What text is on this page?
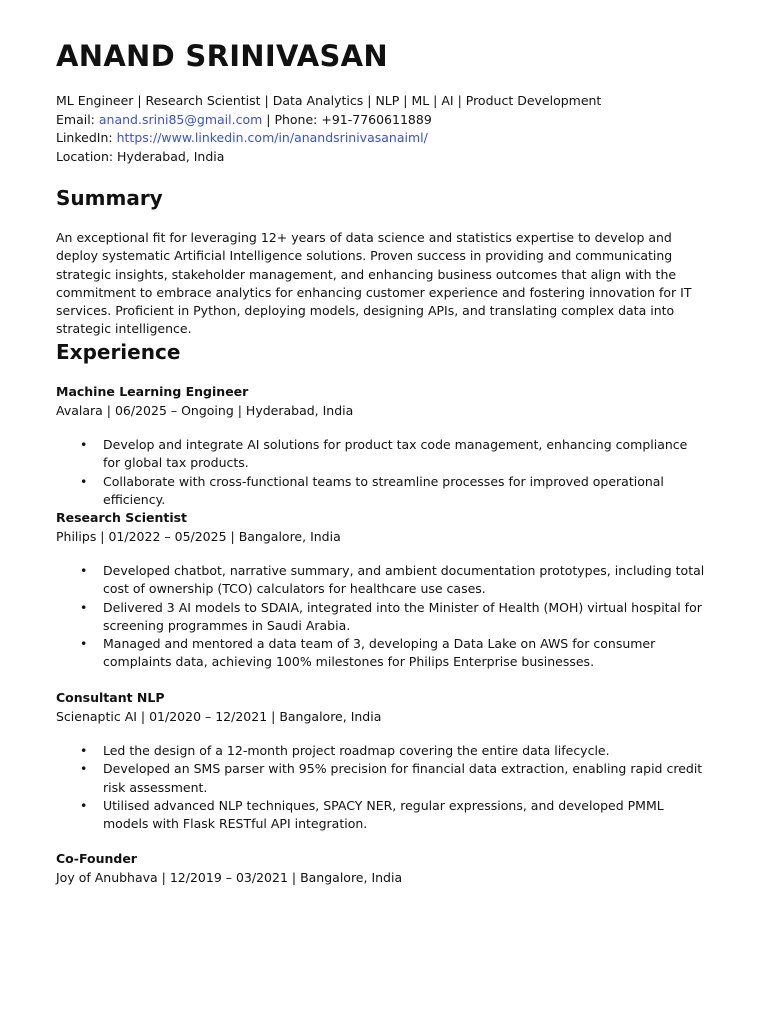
ANAND SRINIVASAN
ML Engineer | Research Scientist | Data Analytics | NLP | ML | AI | Product Development
Email: anand.srini85@gmail.com | Phone: +91-7760611889
LinkedIn: https://www.linkedin.com/in/anandsrinivasanaiml/
Location: Hyderabad, India
Summary

An exceptional fit for leveraging 12+ years of data science and statistics expertise to develop and deploy systematic Artificial Intelligence solutions. Proven success in providing and communicating strategic insights, stakeholder management, and enhancing business outcomes that align with the commitment to embrace analytics for enhancing customer experience and fostering innovation for IT services. Proficient in Python, deploying models, designing APIs, and translating complex data into strategic intelligence.

Experience
Machine Learning Engineer
Avalara | 06/2025 – Ongoing | Hyderabad, India
• Develop and integrate AI solutions for product tax code management, enhancing compliance for global tax products.
• Collaborate with cross-functional teams to streamline processes for improved operational efficiency.
Research Scientist
Philips | 01/2022 – 05/2025 | Bangalore, India
• Developed chatbot, narrative summary, and ambient documentation prototypes, including total cost of ownership (TCO) calculators for healthcare use cases.
• Delivered 3 AI models to SDAIA, integrated into the Minister of Health (MOH) virtual hospital for screening programmes in Saudi Arabia.
• Managed and mentored a data team of 3, developing a Data Lake on AWS for consumer complaints data, achieving 100% milestones for Philips Enterprise businesses.
Consultant NLP
Scienaptic AI | 01/2020 – 12/2021 | Bangalore, India
• Led the design of a 12-month project roadmap covering the entire data lifecycle.
• Developed an SMS parser with 95% precision for financial data extraction, enabling rapid credit risk assessment.
• Utilised advanced NLP techniques, SPACY NER, regular expressions, and developed PMML models with Flask RESTful API integration.
Co-Founder
Joy of Anubhava | 12/2019 – 03/2021 | Bangalore, India
